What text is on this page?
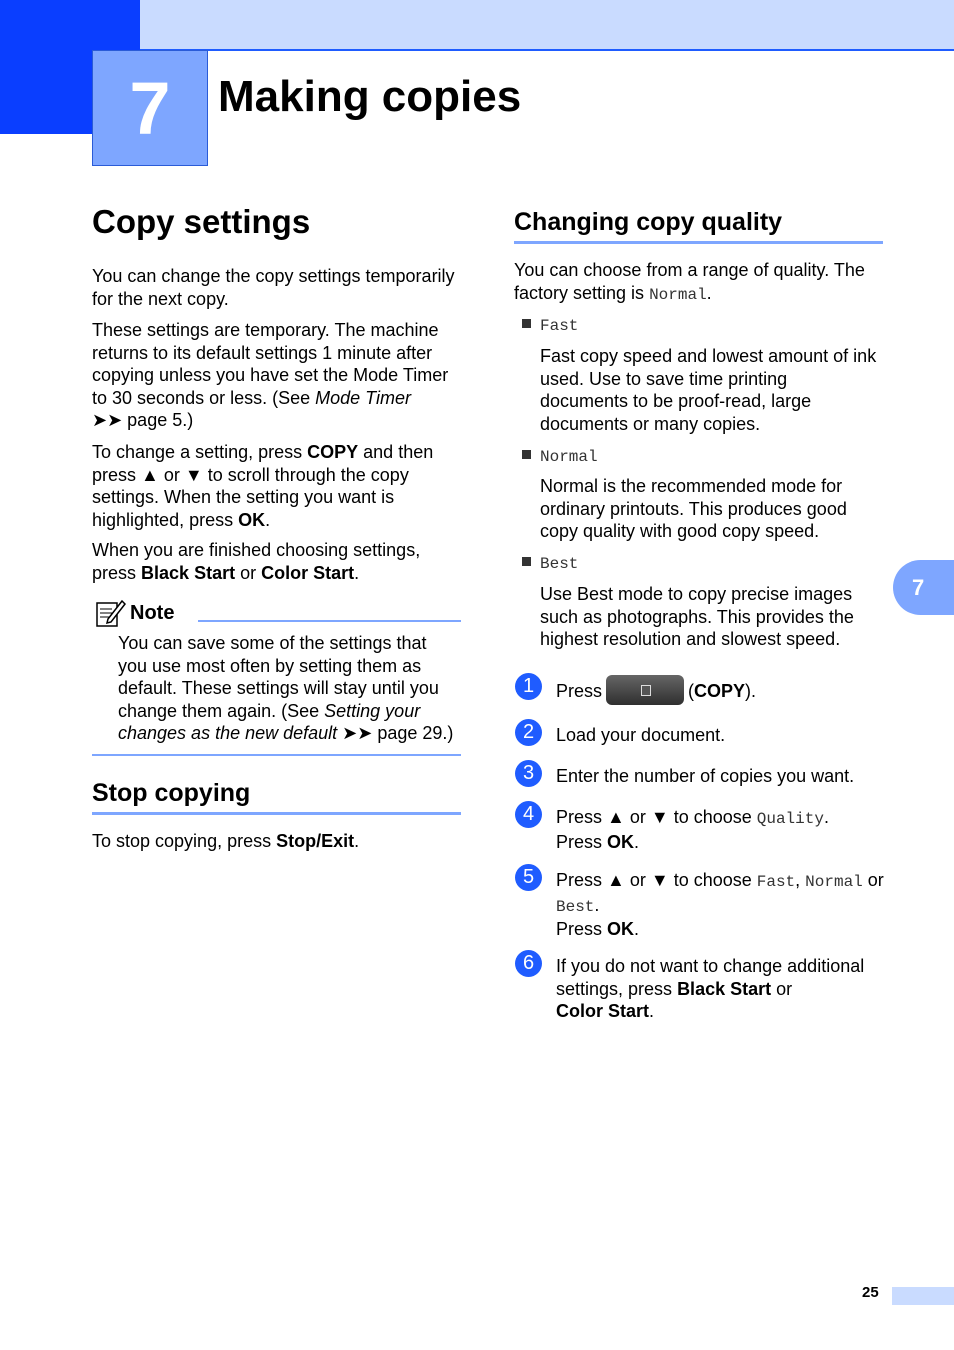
7	Making copies
Copy settings
You can change the copy settings temporarily for the next copy.
These settings are temporary. The machine
returns to its default settings 1 minute after
copying unless you have set the Mode Timer
to 30 seconds or less. (See Mode Timer
➤➤ page 5.)
To change a setting, press COPY and then
press ▲ or ▼ to scroll through the copy
settings. When the setting you want is
highlighted, press OK.
When you are finished choosing settings,
press Black Start or Color Start.
Note
You can save some of the settings that
you use most often by setting them as
default. These settings will stay until you
change them again. (See Setting your
changes as the new default ➤➤ page 29.)
Stop copying
To stop copying, press Stop/Exit.
Changing copy quality
You can choose from a range of quality. The
factory setting is Normal.
Fast
Fast copy speed and lowest amount of ink
used. Use to save time printing
documents to be proof-read, large
documents or many copies.
Normal
Normal is the recommended mode for
ordinary printouts. This produces good
copy quality with good copy speed.
Best
Use Best mode to copy precise images
such as photographs. This provides the
highest resolution and slowest speed.
1	Press	(COPY).
2	Load your document.
3	Enter the number of copies you want.
4	Press ▲ or ▼ to choose Quality.
Press OK.
5	Press ▲ or ▼ to choose Fast, Normal or
Best.
Press OK.
6	If you do not want to change additional
settings, press Black Start or
Color Start.
7
25
